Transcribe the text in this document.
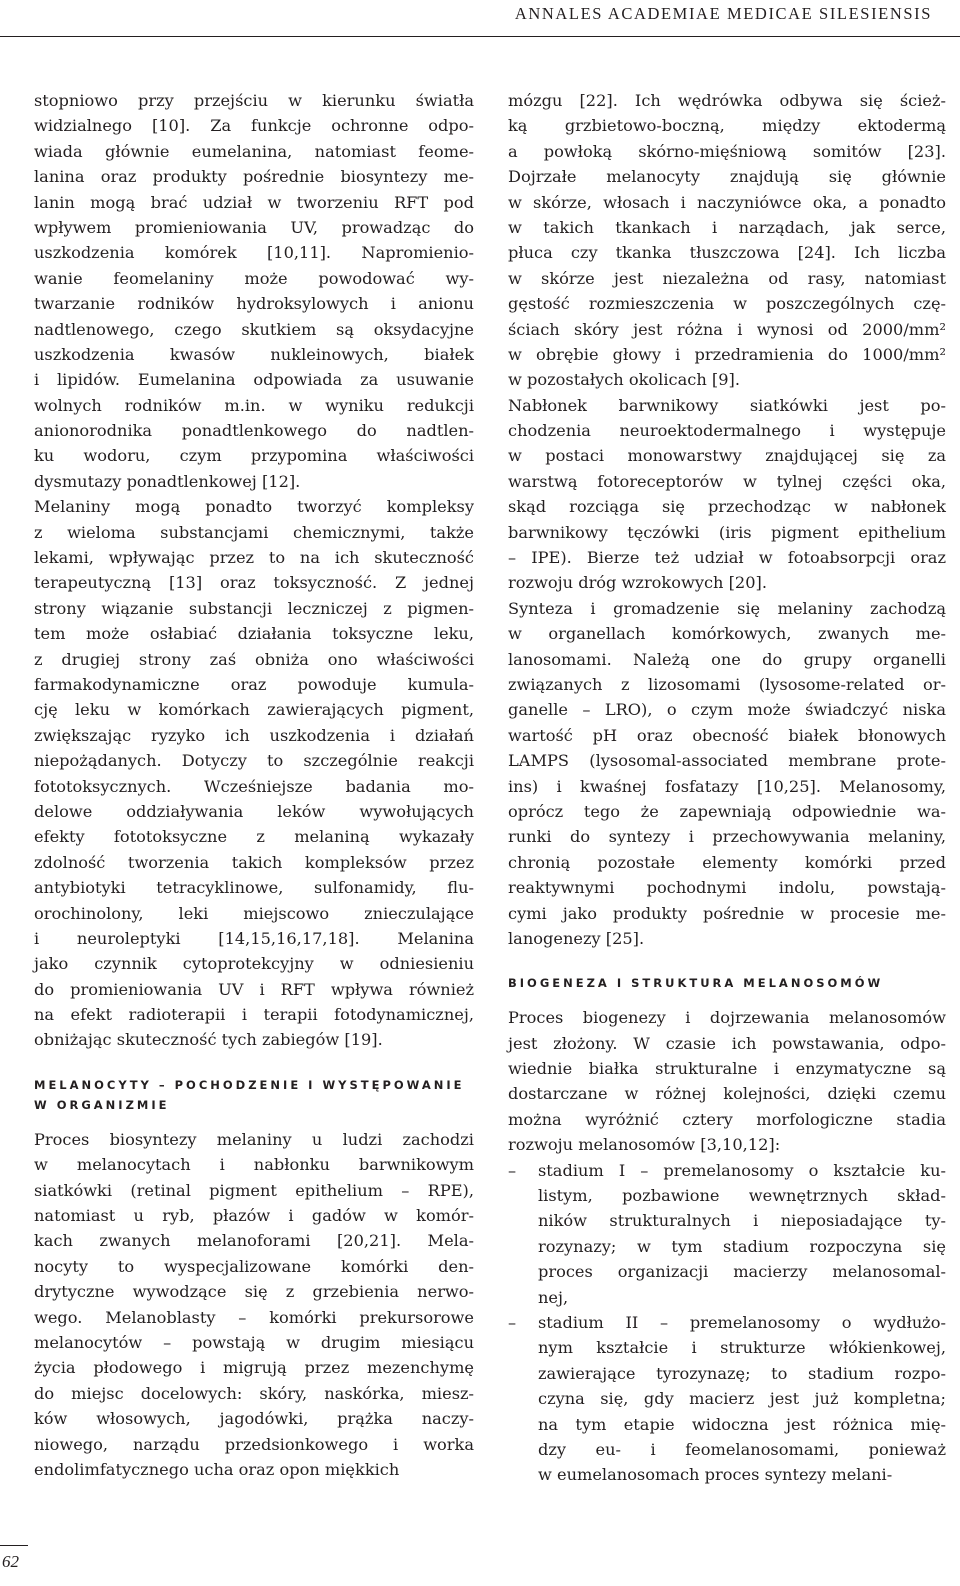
ANNALES ACADEMIAE MEDICAE SILESIENSIS
stopniowo przy przejściu w kierunku światła
widzialnego [10]. Za funkcje ochronne odpo-
wiada głównie eumelanina, natomiast feome-
lanina oraz produkty pośrednie biosyntezy me-
lanin mogą brać udział w tworzeniu RFT pod
wpływem promieniowania UV, prowadząc do
uszkodzenia komórek [10,11]. Napromienio-
wanie feomelaniny może powodować wy-
twarzanie rodników hydroksylowych i anionu
nadtlenowego, czego skutkiem są oksydacyjne
uszkodzenia kwasów nukleinowych, białek
i lipidów. Eumelanina odpowiada za usuwanie
wolnych rodników m.in. w wyniku redukcji
anionorodnika ponadtlenkowego do nadtlen-
ku wodoru, czym przypomina właściwości
dysmutazy ponadtlenkowej [12].
Melaniny mogą ponadto tworzyć kompleksy
z wieloma substancjami chemicznymi, także
lekami, wpływając przez to na ich skuteczność
terapeutyczną [13] oraz toksyczność. Z jednej
strony wiązanie substancji leczniczej z pigmen-
tem może osłabiać działania toksyczne leku,
z drugiej strony zaś obniża ono właściwości
farmakodynamiczne oraz powoduje kumula-
cję leku w komórkach zawierających pigment,
zwiększając ryzyko ich uszkodzenia i działań
niepożądanych. Dotyczy to szczególnie reakcji
fototoksycznych. Wcześniejsze badania mo-
delowe oddziaływania leków wywołujących
efekty fototoksyczne z melaniną wykazały
zdolność tworzenia takich kompleksów przez
antybiotyki tetracyklinowe, sulfonamidy, flu-
orochinolony, leki miejscowo znieczulające
i neuroleptyki [14,15,16,17,18]. Melanina
jako czynnik cytoprotekcyjny w odniesieniu
do promieniowania UV i RFT wpływa również
na efekt radioterapii i terapii fotodynamicznej,
obniżając skuteczność tych zabiegów [19].
MELANOCYTY – POCHODZENIE I WYSTĘPOWANIE
W ORGANIZMIE
Proces biosyntezy melaniny u ludzi zachodzi
w melanocytach i nabłonku barwnikowym
siatkówki (retinal pigment epithelium – RPE),
natomiast u ryb, płazów i gadów w komór-
kach zwanych melanoforami [20,21]. Mela-
nocyty to wyspecjalizowane komórki den-
drytyczne wywodzące się z grzebienia nerwo-
wego. Melanoblasty – komórki prekursorowe
melanocytów – powstają w drugim miesiącu
życia płodowego i migrują przez mezenchymę
do miejsc docelowych: skóry, naskórka, miesz-
ków włosowych, jagodówki, prążka naczy-
niowego, narządu przedsionkowego i worka
endolimfatycznego ucha oraz opon miękkich
mózgu [22]. Ich wędrówka odbywa się ścież-
ką grzbietowo-boczną, między ektodermą
a powłoką skórno-mięśniową somitów [23].
Dojrzałe melanocyty znajdują się głównie
w skórze, włosach i naczyniówce oka, a ponadto
w takich tkankach i narządach, jak serce,
płuca czy tkanka tłuszczowa [24]. Ich liczba
w skórze jest niezależna od rasy, natomiast
gęstość rozmieszczenia w poszczególnych czę-
ściach skóry jest różna i wynosi od 2000/mm²
w obrębie głowy i przedramienia do 1000/mm²
w pozostałych okolicach [9].
Nabłonek barwnikowy siatkówki jest po-
chodzenia neuroektodermalnego i występuje
w postaci monowarstwy znajdującej się za
warstwą fotoreceptorów w tylnej części oka,
skąd rozciąga się przechodząc w nabłonek
barwnikowy tęczówki (iris pigment epithelium
– IPE). Bierze też udział w fotoabsorpcji oraz
rozwoju dróg wzrokowych [20].
Synteza i gromadzenie się melaniny zachodzą
w organellach komórkowych, zwanych me-
lanosomami. Należą one do grupy organelli
związanych z lizosomami (lysosome-related or-
ganelle – LRO), o czym może świadczyć niska
wartość pH oraz obecność białek błonowych
LAMPS (lysosomal-associated membrane prote-
ins) i kwaśnej fosfatazy [10,25]. Melanosomy,
oprócz tego że zapewniają odpowiednie wa-
runki do syntezy i przechowywania melaniny,
chronią pozostałe elementy komórki przed
reaktywnymi pochodnymi indolu, powstają-
cymi jako produkty pośrednie w procesie me-
lanogenezy [25].
BIOGENEZA I STRUKTURA MELANOSOMÓW
Proces biogenezy i dojrzewania melanosomów
jest złożony. W czasie ich powstawania, odpo-
wiednie białka strukturalne i enzymatyczne są
dostarczane w różnej kolejności, dzięki czemu
można wyróżnić cztery morfologiczne stadia
rozwoju melanosomów [3,10,12]:
– stadium I – premelanosomy o kształcie ku-
listym, pozbawione wewnętrznych skład-
ników strukturalnych i nieposiadające ty-
rozynazy; w tym stadium rozpoczyna się
proces organizacji macierzy melanosomal-
nej,
– stadium II – premelanosomy o wydłużo-
nym kształcie i strukturze włókienkowej,
zawierające tyrozynazę; to stadium rozpo-
czyna się, gdy macierz jest już kompletna;
na tym etapie widoczna jest różnica mię-
dzy eu- i feomelanosomami, ponieważ
w eumelanosomach proces syntezy melani-
62
